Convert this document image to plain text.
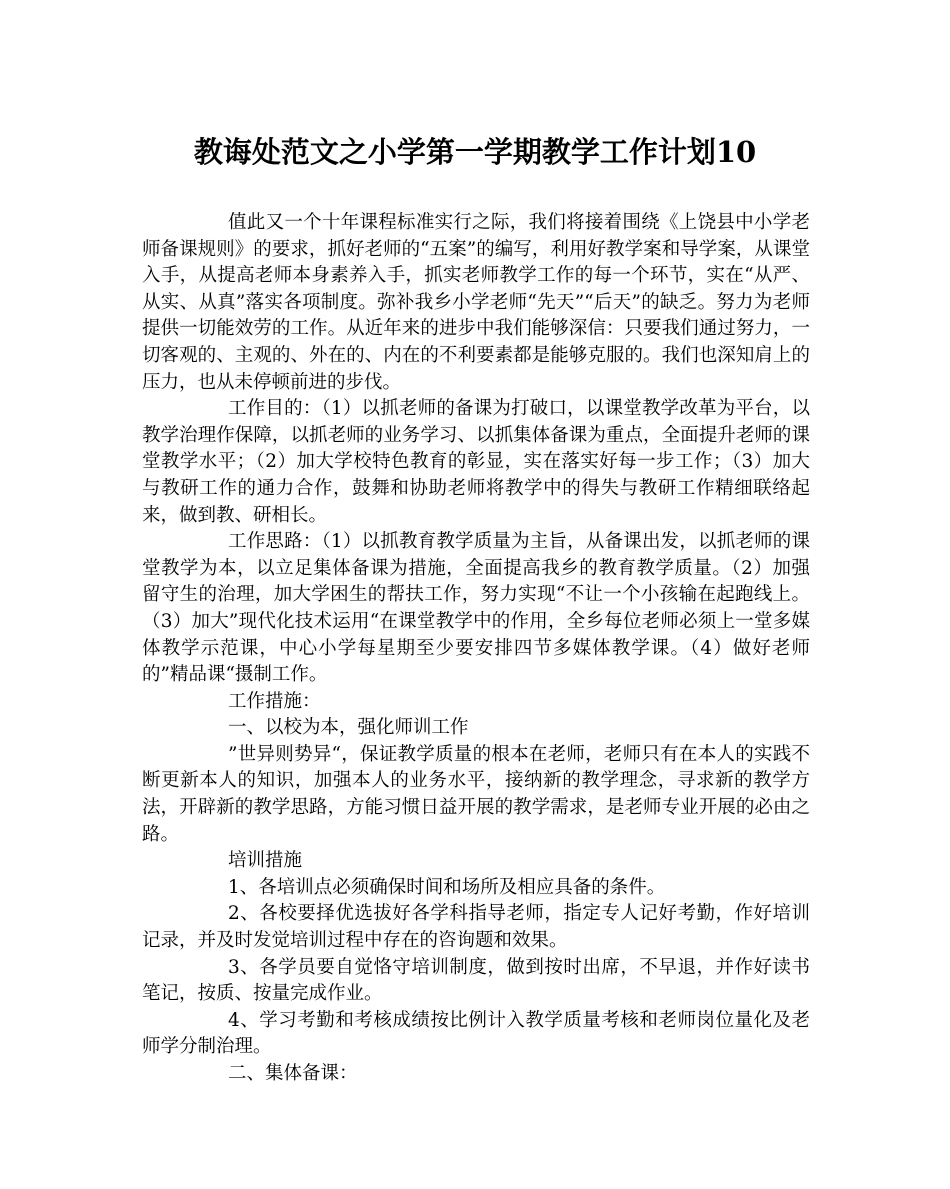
教诲处范文之小学第一学期教学工作计划10

值此又一个十年课程标准实行之际，我们将接着围绕《上饶县中小学老师备课规则》的要求，抓好老师的“五案”的编写，利用好教学案和导学案，从课堂入手，从提高老师本身素养入手，抓实老师教学工作的每一个环节，实在“从严、从实、从真”落实各项制度。弥补我乡小学老师“先天”“后天”的缺乏。努力为老师提供一切能效劳的工作。从近年来的进步中我们能够深信：只要我们通过努力，一切客观的、主观的、外在的、内在的不利要素都是能够克服的。我们也深知肩上的压力，也从未停顿前进的步伐。

工作目的：（1）以抓老师的备课为打破口，以课堂教学改革为平台，以教学治理作保障，以抓老师的业务学习、以抓集体备课为重点，全面提升老师的课堂教学水平；（2）加大学校特色教育的彰显，实在落实好每一步工作；（3）加大与教研工作的通力合作，鼓舞和协助老师将教学中的得失与教研工作精细联络起来，做到教、研相长。

工作思路：（1）以抓教育教学质量为主旨，从备课出发，以抓老师的课堂教学为本，以立足集体备课为措施，全面提高我乡的教育教学质量。（2）加强留守生的治理，加大学困生的帮扶工作，努力实现“不让一个小孩输在起跑线上。（3）加大”现代化技术运用“在课堂教学中的作用，全乡每位老师必须上一堂多媒体教学示范课，中心小学每星期至少要安排四节多媒体教学课。（4）做好老师的”精品课“摄制工作。

工作措施：

一、以校为本，强化师训工作

”世异则势异“，保证教学质量的根本在老师，老师只有在本人的实践不断更新本人的知识，加强本人的业务水平，接纳新的教学理念，寻求新的教学方法，开辟新的教学思路，方能习惯日益开展的教学需求，是老师专业开展的必由之路。

培训措施

1、各培训点必须确保时间和场所及相应具备的条件。

2、各校要择优选拔好各学科指导老师，指定专人记好考勤，作好培训记录，并及时发觉培训过程中存在的咨询题和效果。

3、各学员要自觉恪守培训制度，做到按时出席，不早退，并作好读书笔记，按质、按量完成作业。

4、学习考勤和考核成绩按比例计入教学质量考核和老师岗位量化及老师学分制治理。

二、集体备课：
